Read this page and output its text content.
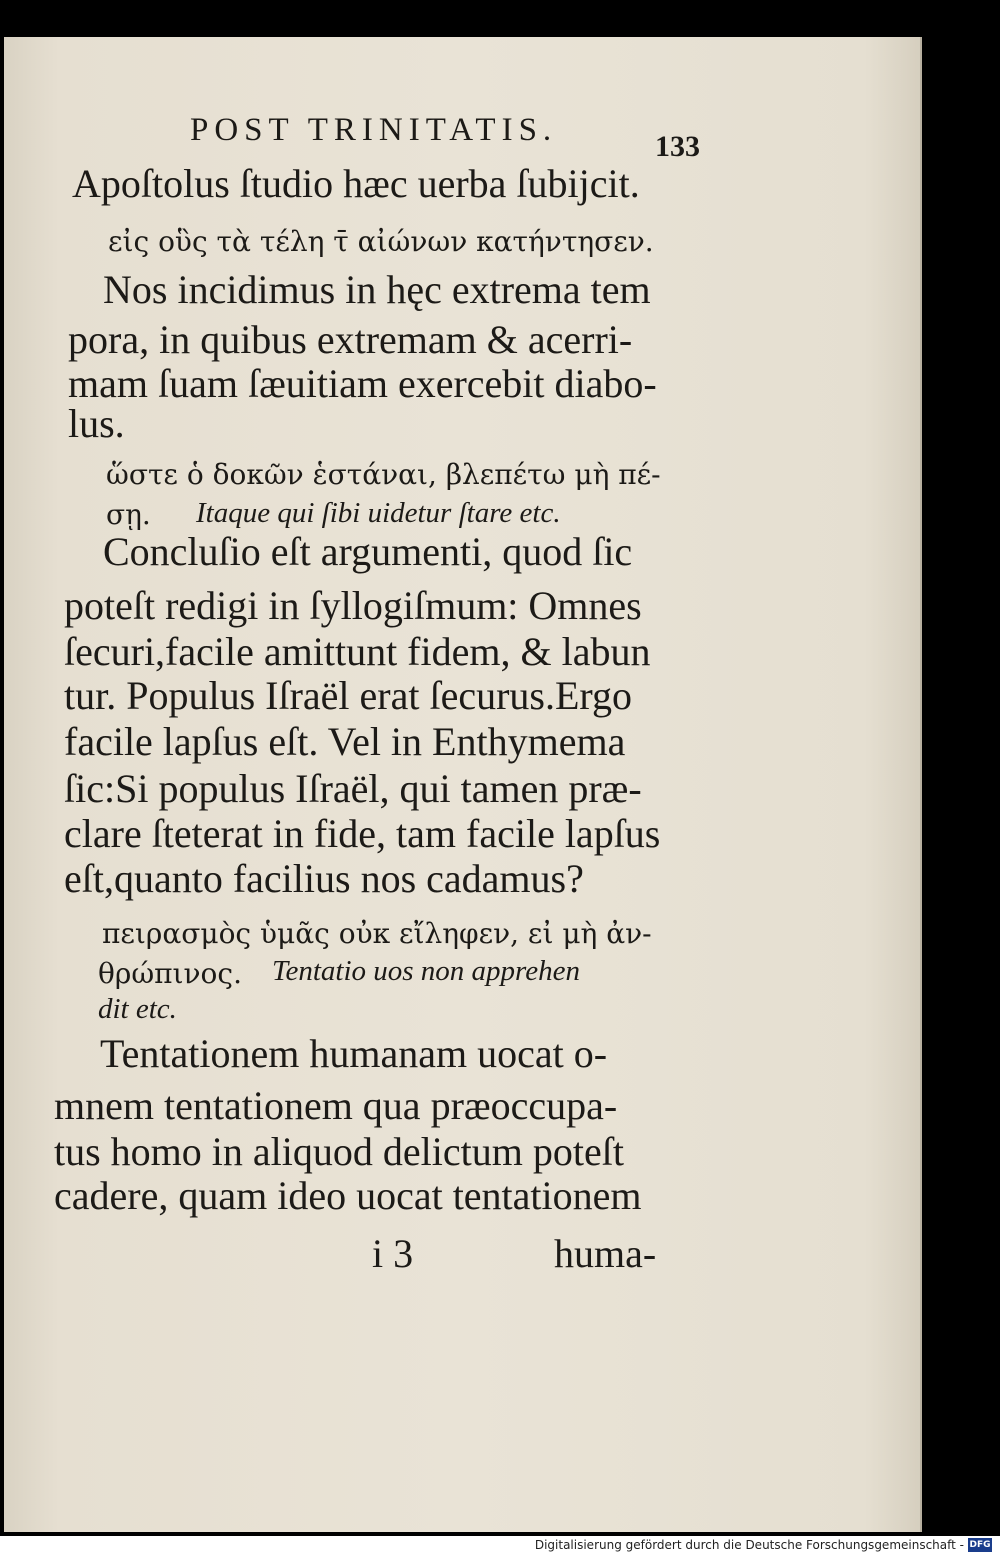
POST TRINITATIS.	133
Apoſtolus ſtudio hæc uerba ſubijcit.
εἰς οὓς τὰ τέλη τ̄ αἰώνων κατήντησεν.
Nos incidimus in hęc extrema tem
pora, in quibus extremam & acerri-
mam ſuam ſæuitiam exercebit diabo-
lus.
ὥστε ὁ δοκῶν ἑστάναι, βλεπέτω μὴ πέ-
σῃ. Itaque qui ſibi uidetur ſtare etc.
Concluſio eſt argumenti, quod ſic
poteſt redigi in ſyllogiſmum: Omnes
ſecuri,facile amittunt fidem, & labun
tur. Populus Iſraël erat ſecurus.Ergo
facile lapſus eſt. Vel in Enthymema
ſic:Si populus Iſraël, qui tamen præ-
clare ſteterat in fide, tam facile lapſus
eſt,quanto facilius nos cadamus?
πειρασμὸς ὑμᾶς οὐκ εἴληφεν, εἰ μὴ ἀν-
θρώπινος. Tentatio uos non apprehen
dit etc.
Tentationem humanam uocat o-
mnem tentationem qua præoccupa-
tus homo in aliquod delictum poteſt
cadere, quam ideo uocat tentationem
i 3	huma-
Digitalisierung gefördert durch die Deutsche Forschungsgemeinschaft - DFG
